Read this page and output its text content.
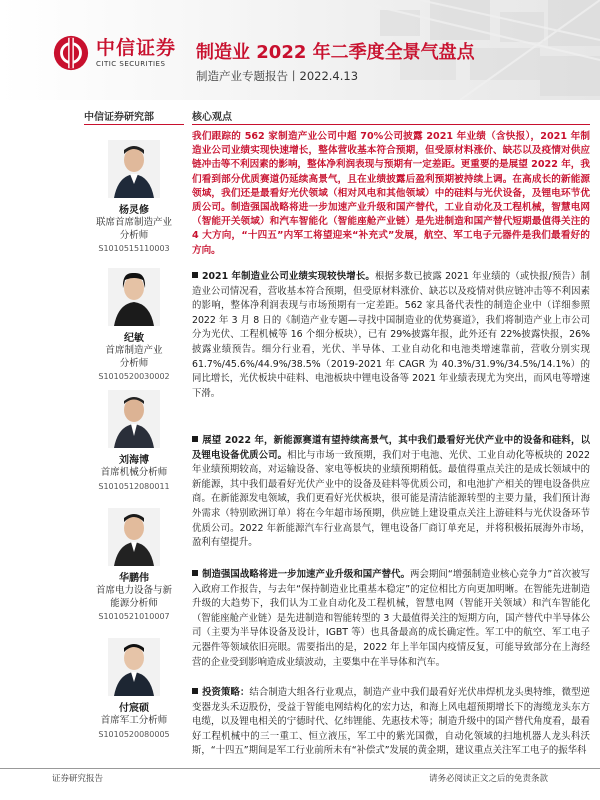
中信证券
CITIC SECURITIES
制造业 2022 年二季度全景气盘点
制造产业专题报告丨2022.4.13
中信证券研究部	核心观点
杨灵修
联席首席制造产业
分析师
S1010515110003
纪敏
首席制造产业
分析师
S1010520030002
刘海博
首席机械分析师
S1010512080011
华鹏伟
首席电力设备与新
能源分析师
S1010521010007
付宸硕
首席军工分析师
S1010520080005
我们跟踪的 562 家制造产业公司中超 70%公司披露 2021 年业绩（含快报），2021 年制造业公司业绩实现快速增长，整体营收基本符合预期，但受原材料涨价、缺芯以及疫情对供应链冲击等不利因素的影响，整体净利润表现与预期有一定差距。更重要的是展望 2022 年，我们看到部分优质赛道仍延续高景气，且在业绩披露后盈利预期被持续上调。在高成长的新能源领域，我们还是最看好光伏领域（相对风电和其他领域）中的硅料与光伏设备，及锂电环节优质公司。制造强国战略将进一步加速产业升级和国产替代，工业自动化及工程机械，智慧电网（智能开关领域）和汽车智能化（智能座舱产业链）是先进制造和国产替代短期最值得关注的 4 大方向，“十四五”内军工将望迎来“补充式”发展，航空、军工电子元器件是我们最看好的方向。
2021 年制造业公司业绩实现较快增长。根据多数已披露 2021 年业绩的（或快报/预告）制造业公司情况看，营收基本符合预期，但受原材料涨价、缺芯以及疫情对供应链冲击等不利因素的影响，整体净利润表现与市场预期有一定差距。562 家具备代表性的制造企业中（详细参照 2022 年 3 月 8 日的《制造产业专题—寻找中国制造业的优势赛道》，我们将制造产业上市公司分为光伏、工程机械等 16 个细分板块），已有 29%披露年报，此外还有 22%披露快报，26%披露业绩预告。细分行业看，光伏、半导体、工业自动化和电池类增速靠前，营收分别实现 61.7%/45.6%/44.9%/38.5%（2019-2021 年 CAGR 为 40.3%/31.9%/34.5%/14.1%）的同比增长，光伏板块中硅料、电池板块中锂电设备等 2021 年业绩表现尤为突出，而风电等增速下滑。
展望 2022 年，新能源赛道有望持续高景气，其中我们最看好光伏产业中的设备和硅料，以及锂电设备优质公司。相比与市场一致预期，我们对于电池、光伏、工业自动化等板块的 2022 年业绩预期较高，对运输设备、家电等板块的业绩预期稍低。最值得重点关注的是成长领域中的新能源，其中我们最看好光伏产业中的设备及硅料等优质公司，和电池扩产相关的锂电设备供应商。在新能源发电领域，我们更看好光伏板块，很可能是清洁能源转型的主要力量，我们预计海外需求（特别欧洲订单）将在今年超市场预期，供应链上建设重点关注上游硅料与光伏设备环节优质公司。2022 年新能源汽车行业高景气，锂电设备厂商订单充足，并将积极拓展海外市场，盈利有望提升。
制造强国战略将进一步加速产业升级和国产替代。两会期间“增强制造业核心竞争力”首次被写入政府工作报告，与去年“保持制造业比重基本稳定”的定位相比方向更加明晰。在智能先进制造升级的大趋势下，我们认为工业自动化及工程机械，智慧电网（智能开关领域）和汽车智能化（智能座舱产业链）是先进制造和智能转型的 3 大最值得关注的短期方向，国产替代中半导体公司（主要为半导体设备及设计，IGBT 等）也具备最高的成长确定性。军工中的航空、军工电子元器件等领域依旧亮眼。需要指出的是，2022 年上半年国内疫情反复，可能导致部分在上海经营的企业受到影响造成业绩波动，主要集中在半导体和汽车。
投资策略：结合制造大组各行业观点，制造产业中我们最看好光伏串焊机龙头奥特维，微型逆变器龙头禾迈股份，受益于智能电网结构化的宏力达，和海上风电超预期增长下的海缆龙头东方电缆，以及锂电相关的宁德时代、亿纬锂能、先惠技术等；制造升级中的国产替代角度看，最看好工程机械中的三一重工、恒立液压，军工中的紫光国微，自动化领域的扫地机器人龙头科沃斯，“十四五”期间是军工行业前所未有“补偿式”发展的黄金期，建议重点关注军工电子的振华科
证券研究报告	请务必阅读正文之后的免责条款
